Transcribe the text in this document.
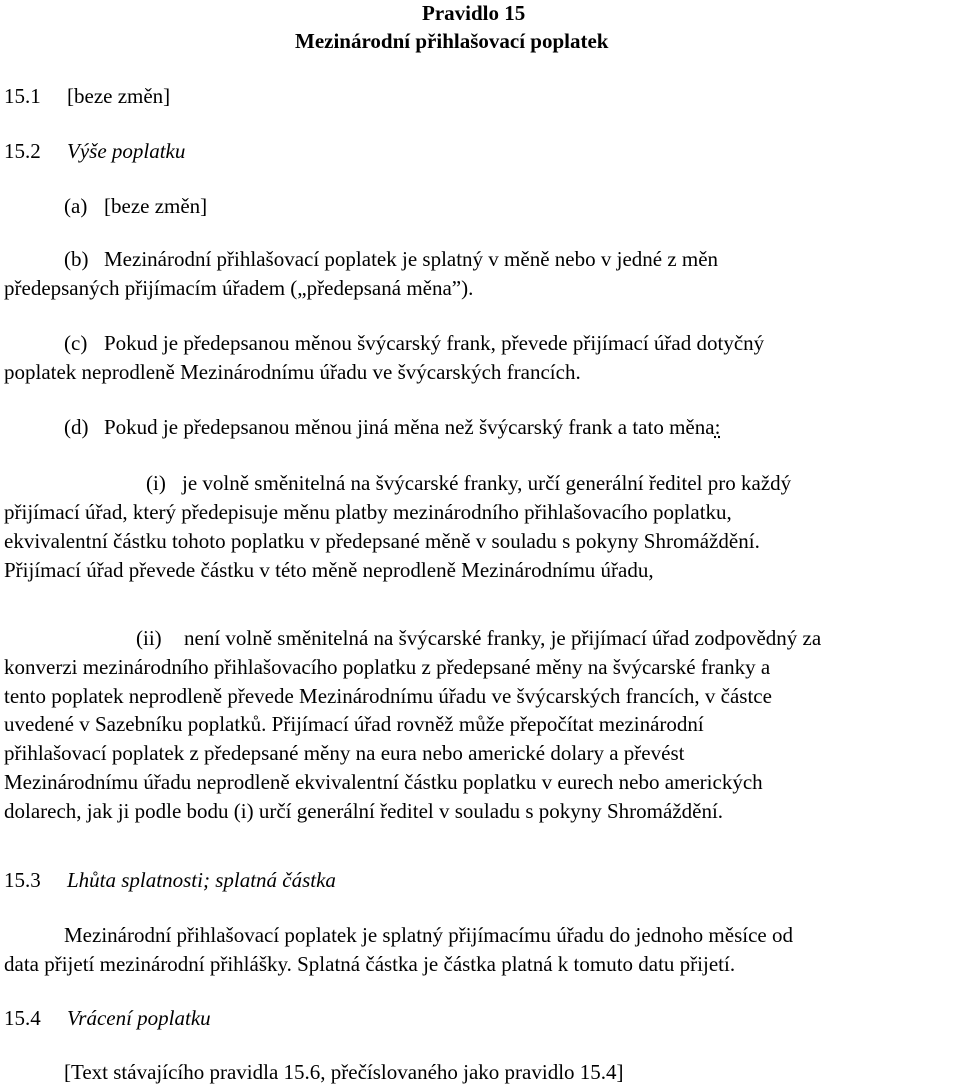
Pravidlo 15
Mezinárodní přihlašovací poplatek
15.1 [beze změn]
15.2 Výše poplatku
(a) [beze změn]
(b) Mezinárodní přihlašovací poplatek je splatný v měně nebo v jedné z měn
předepsaných přijímacím úřadem („předepsaná měna”).
(c) Pokud je předepsanou měnou švýcarský frank, převede přijímací úřad dotyčný
poplatek neprodleně Mezinárodnímu úřadu ve švýcarských francích.
(d) Pokud je předepsanou měnou jiná měna než švýcarský frank a tato měna:
(i) je volně směnitelná na švýcarské franky, určí generální ředitel pro každý
přijímací úřad, který předepisuje měnu platby mezinárodního přihlašovacího poplatku,
ekvivalentní částku tohoto poplatku v předepsané měně v souladu s pokyny Shromáždění.
Přijímací úřad převede částku v této měně neprodleně Mezinárodnímu úřadu,
(ii) není volně směnitelná na švýcarské franky, je přijímací úřad zodpovědný za
konverzi mezinárodního přihlašovacího poplatku z předepsané měny na švýcarské franky a
tento poplatek neprodleně převede Mezinárodnímu úřadu ve švýcarských francích, v částce
uvedené v Sazebníku poplatků. Přijímací úřad rovněž může přepočítat mezinárodní
přihlašovací poplatek z předepsané měny na eura nebo americké dolary a převést
Mezinárodnímu úřadu neprodleně ekvivalentní částku poplatku v eurech nebo amerických
dolarech, jak ji podle bodu (i) určí generální ředitel v souladu s pokyny Shromáždění.
15.3 Lhůta splatnosti; splatná částka
Mezinárodní přihlašovací poplatek je splatný přijímacímu úřadu do jednoho měsíce od
data přijetí mezinárodní přihlášky. Splatná částka je částka platná k tomuto datu přijetí.
15.4 Vrácení poplatku
[Text stávajícího pravidla 15.6, přečíslovaného jako pravidlo 15.4]
